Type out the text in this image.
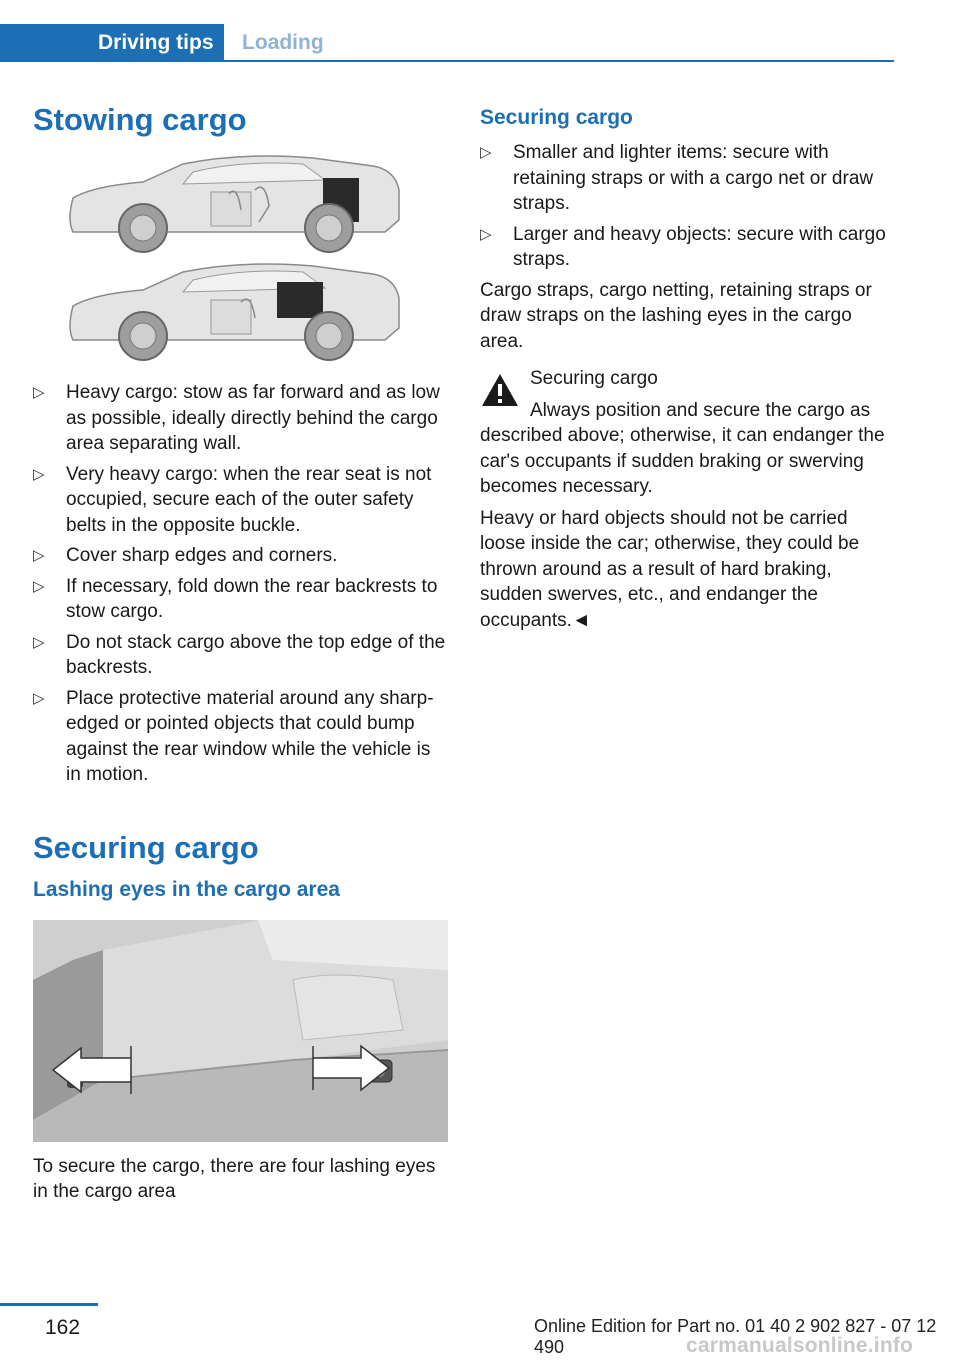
Driving tips	Loading
Stowing cargo
▷ Heavy cargo: stow as far forward and as low as possible, ideally directly behind the cargo area separating wall.
▷ Very heavy cargo: when the rear seat is not occupied, secure each of the outer safety belts in the opposite buckle.
▷ Cover sharp edges and corners.
▷ If necessary, fold down the rear backrests to stow cargo.
▷ Do not stack cargo above the top edge of the backrests.
▷ Place protective material around any sharp-edged or pointed objects that could bump against the rear window while the vehicle is in motion.
Securing cargo
Lashing eyes in the cargo area

To secure the cargo, there are four lashing eyes in the cargo area

Securing cargo
▷ Smaller and lighter items: secure with retaining straps or with a cargo net or draw straps.
▷ Larger and heavy objects: secure with cargo straps.

Cargo straps, cargo netting, retaining straps or draw straps on the lashing eyes in the cargo area.

Securing cargo

Always position and secure the cargo as described above; otherwise, it can endanger the car's occupants if sudden braking or swerving becomes necessary.

Heavy or hard objects should not be carried loose inside the car; otherwise, they could be thrown around as a result of hard braking, sudden swerves, etc., and endanger the occupants.◄

162	Online Edition for Part no. 01 40 2 902 827 - 07 12 490	carmanualsonline.info
